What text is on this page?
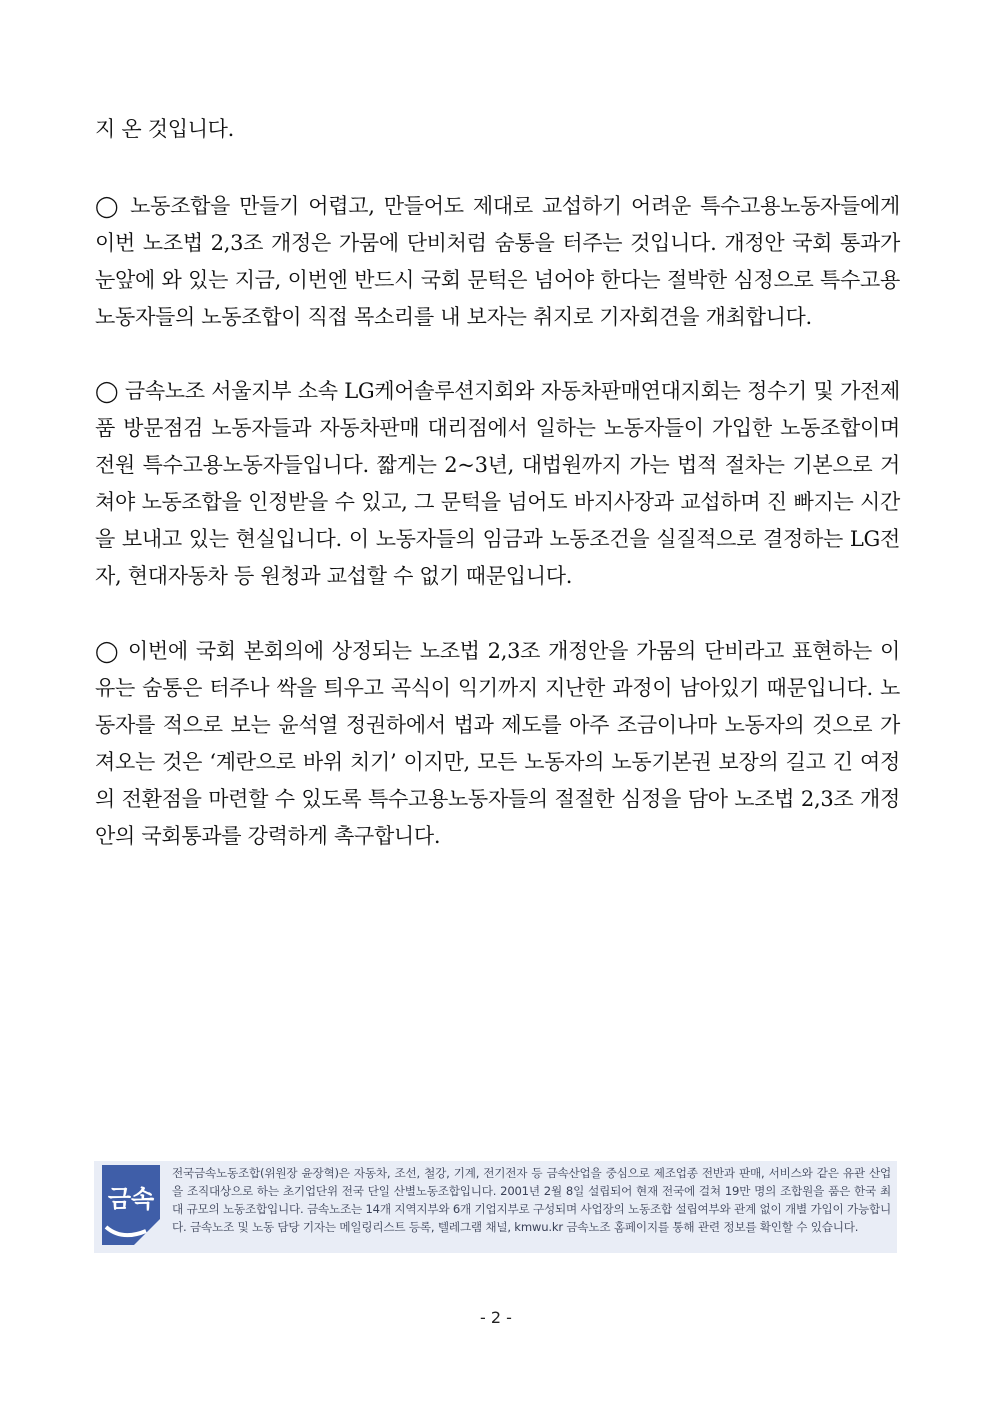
지 온 것입니다.

◯ 노동조합을 만들기 어렵고, 만들어도 제대로 교섭하기 어려운 특수고용노동자들에게 이번 노조법 2,3조 개정은 가뭄에 단비처럼 숨통을 터주는 것입니다. 개정안 국회 통과가 눈앞에 와 있는 지금, 이번엔 반드시 국회 문턱은 넘어야 한다는 절박한 심정으로 특수고용노동자들의 노동조합이 직접 목소리를 내 보자는 취지로 기자회견을 개최합니다.

◯ 금속노조 서울지부 소속 LG케어솔루션지회와 자동차판매연대지회는 정수기 및 가전제품 방문점검 노동자들과 자동차판매 대리점에서 일하는 노동자들이 가입한 노동조합이며 전원 특수고용노동자들입니다. 짧게는 2~3년, 대법원까지 가는 법적 절차는 기본으로 거쳐야 노동조합을 인정받을 수 있고, 그 문턱을 넘어도 바지사장과 교섭하며 진 빠지는 시간을 보내고 있는 현실입니다. 이 노동자들의 임금과 노동조건을 실질적으로 결정하는 LG전자, 현대자동차 등 원청과 교섭할 수 없기 때문입니다.

◯ 이번에 국회 본회의에 상정되는 노조법 2,3조 개정안을 가뭄의 단비라고 표현하는 이유는 숨통은 터주나 싹을 틔우고 곡식이 익기까지 지난한 과정이 남아있기 때문입니다. 노동자를 적으로 보는 윤석열 정권하에서 법과 제도를 아주 조금이나마 노동자의 것으로 가져오는 것은 ‘계란으로 바위 치기’ 이지만, 모든 노동자의 노동기본권 보장의 길고 긴 여정의 전환점을 마련할 수 있도록 특수고용노동자들의 절절한 심정을 담아 노조법 2,3조 개정안의 국회통과를 강력하게 촉구합니다.

금속
전국금속노동조합(위원장 윤장혁)은 자동차, 조선, 철강, 기계, 전기전자 등 금속산업을 중심으로 제조업종 전반과 판매, 서비스와 같은 유관 산업을 조직대상으로 하는 초기업단위 전국 단일 산별노동조합입니다. 2001년 2월 8일 설립되어 현재 전국에 걸쳐 19만 명의 조합원을 품은 한국 최대 규모의 노동조합입니다. 금속노조는 14개 지역지부와 6개 기업지부로 구성되며 사업장의 노동조합 설립여부와 관계 없이 개별 가입이 가능합니다. 금속노조 및 노동 담당 기자는 메일링리스트 등록, 텔레그램 채널, kmwu.kr 금속노조 홈페이지를 통해 관련 정보를 확인할 수 있습니다.
- 2 -
